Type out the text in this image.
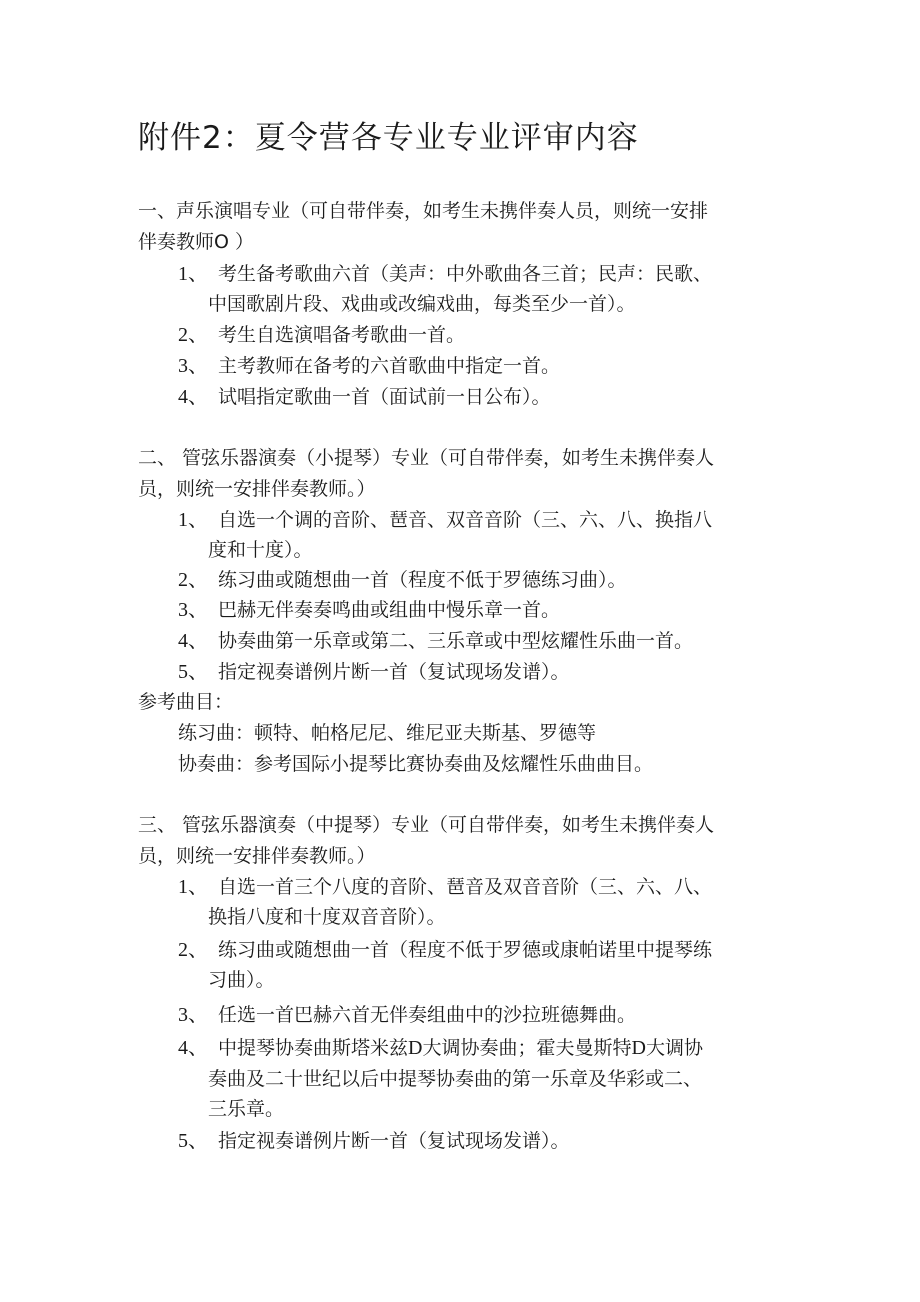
附件2：夏令营各专业专业评审内容
一、声乐演唱专业（可自带伴奏，如考生未携伴奏人员，则统一安排
伴奏教师O ）
1、 考生备考歌曲六首（美声：中外歌曲各三首；民声：民歌、
中国歌剧片段、戏曲或改编戏曲，每类至少一首）。
2、 考生自选演唱备考歌曲一首。
3、 主考教师在备考的六首歌曲中指定一首。
4、 试唱指定歌曲一首（面试前一日公布）。
二、 管弦乐器演奏（小提琴）专业（可自带伴奏，如考生未携伴奏人
员，则统一安排伴奏教师。）
1、 自选一个调的音阶、琶音、双音音阶（三、六、八、换指八
度和十度）。
2、 练习曲或随想曲一首（程度不低于罗德练习曲）。
3、 巴赫无伴奏奏鸣曲或组曲中慢乐章一首。
4、 协奏曲第一乐章或第二、三乐章或中型炫耀性乐曲一首。
5、 指定视奏谱例片断一首（复试现场发谱）。
参考曲目：
练习曲：顿特、帕格尼尼、维尼亚夫斯基、罗德等
协奏曲：参考国际小提琴比赛协奏曲及炫耀性乐曲曲目。
三、 管弦乐器演奏（中提琴）专业（可自带伴奏，如考生未携伴奏人
员，则统一安排伴奏教师。）
1、 自选一首三个八度的音阶、琶音及双音音阶（三、六、八、
换指八度和十度双音音阶）。
2、 练习曲或随想曲一首（程度不低于罗德或康帕诺里中提琴练
习曲）。
3、 任选一首巴赫六首无伴奏组曲中的沙拉班德舞曲。
4、 中提琴协奏曲斯塔米兹D大调协奏曲；霍夫曼斯特D大调协
奏曲及二十世纪以后中提琴协奏曲的第一乐章及华彩或二、
三乐章。
5、 指定视奏谱例片断一首（复试现场发谱）。
